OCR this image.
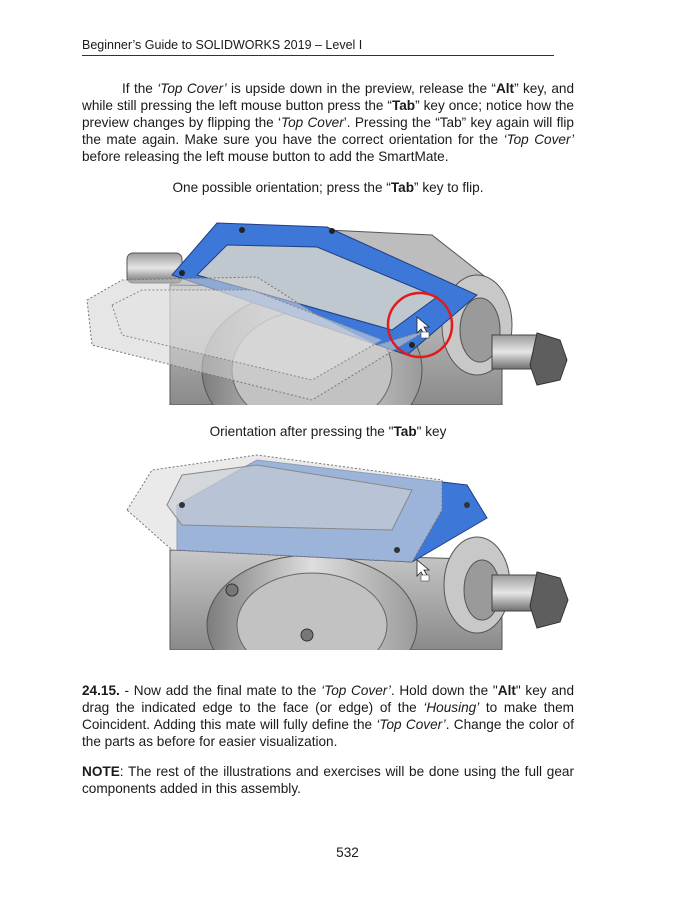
Beginner’s Guide to SOLIDWORKS 2019 – Level I
If the ‘Top Cover’ is upside down in the preview, release the “Alt” key, and while still pressing the left mouse button press the “Tab” key once; notice how the preview changes by flipping the ‘Top Cover’. Pressing the “Tab” key again will flip the mate again. Make sure you have the correct orientation for the ‘Top Cover’ before releasing the left mouse button to add the SmartMate.
One possible orientation; press the “Tab” key to flip.
Orientation after pressing the "Tab" key
24.15. - Now add the final mate to the ‘Top Cover’. Hold down the "Alt" key and drag the indicated edge to the face (or edge) of the ‘Housing’ to make them Coincident. Adding this mate will fully define the ‘Top Cover’. Change the color of the parts as before for easier visualization.
NOTE: The rest of the illustrations and exercises will be done using the full gear components added in this assembly.
532
